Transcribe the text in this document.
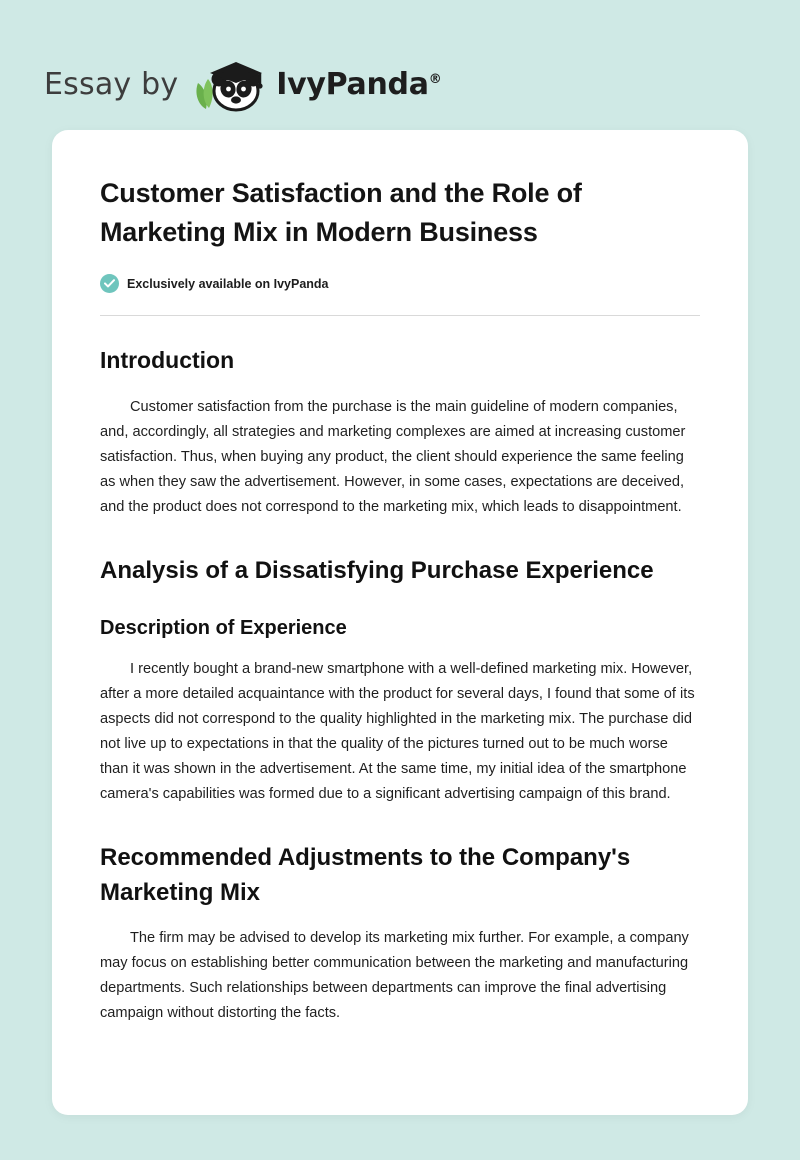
Essay by	IvyPanda®
Customer Satisfaction and the Role of Marketing Mix in Modern Business
Exclusively available on IvyPanda
Introduction

Customer satisfaction from the purchase is the main guideline of modern companies, and, accordingly, all strategies and marketing complexes are aimed at increasing customer satisfaction. Thus, when buying any product, the client should experience the same feeling as when they saw the advertisement. However, in some cases, expectations are deceived, and the product does not correspond to the marketing mix, which leads to disappointment.

Analysis of a Dissatisfying Purchase Experience
Description of Experience

I recently bought a brand-new smartphone with a well-defined marketing mix. However, after a more detailed acquaintance with the product for several days, I found that some of its aspects did not correspond to the quality highlighted in the marketing mix. The purchase did not live up to expectations in that the quality of the pictures turned out to be much worse than it was shown in the advertisement. At the same time, my initial idea of the smartphone camera's capabilities was formed due to a significant advertising campaign of this brand.

Recommended Adjustments to the Company's Marketing Mix

The firm may be advised to develop its marketing mix further. For example, a company may focus on establishing better communication between the marketing and manufacturing departments. Such relationships between departments can improve the final advertising campaign without distorting the facts.
